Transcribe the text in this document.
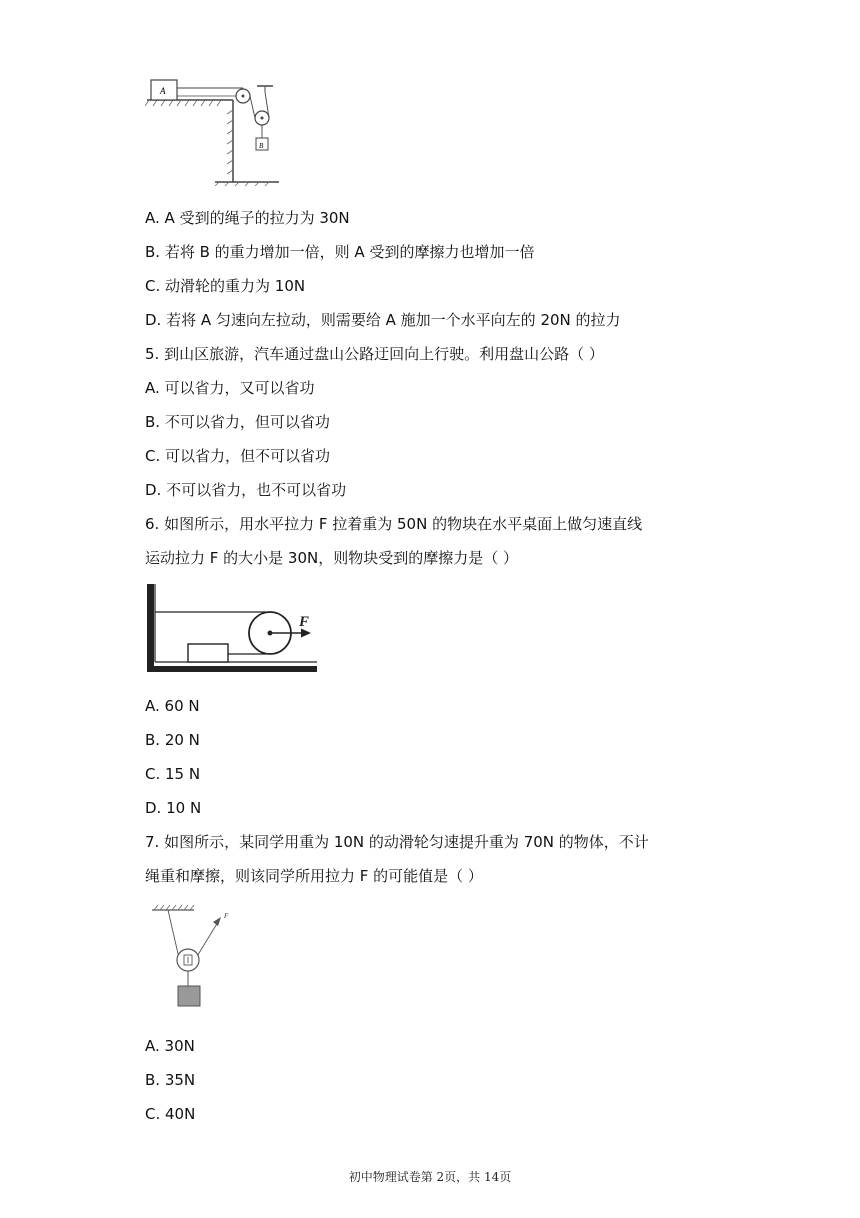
A
B
A. A 受到的绳子的拉力为 30N
B. 若将 B 的重力增加一倍，则 A 受到的摩擦力也增加一倍
C. 动滑轮的重力为 10N
D. 若将 A 匀速向左拉动，则需要给 A 施加一个水平向左的 20N 的拉力
5. 到山区旅游，汽车通过盘山公路迂回向上行驶。利用盘山公路（ ）
A. 可以省力，又可以省功
B. 不可以省力，但可以省功
C. 可以省力，但不可以省功
D. 不可以省力，也不可以省功
6. 如图所示，用水平拉力 F 拉着重为 50N 的物块在水平桌面上做匀速直线
运动拉力 F 的大小是 30N，则物块受到的摩擦力是（ ）
F
A. 60 N
B. 20 N
C. 15 N
D. 10 N
7. 如图所示，某同学用重为 10N 的动滑轮匀速提升重为 70N 的物体，不计
绳重和摩擦，则该同学所用拉力 F 的可能值是（ ）
F
A. 30N
B. 35N
C. 40N
初中物理试卷第 2页，共 14页
